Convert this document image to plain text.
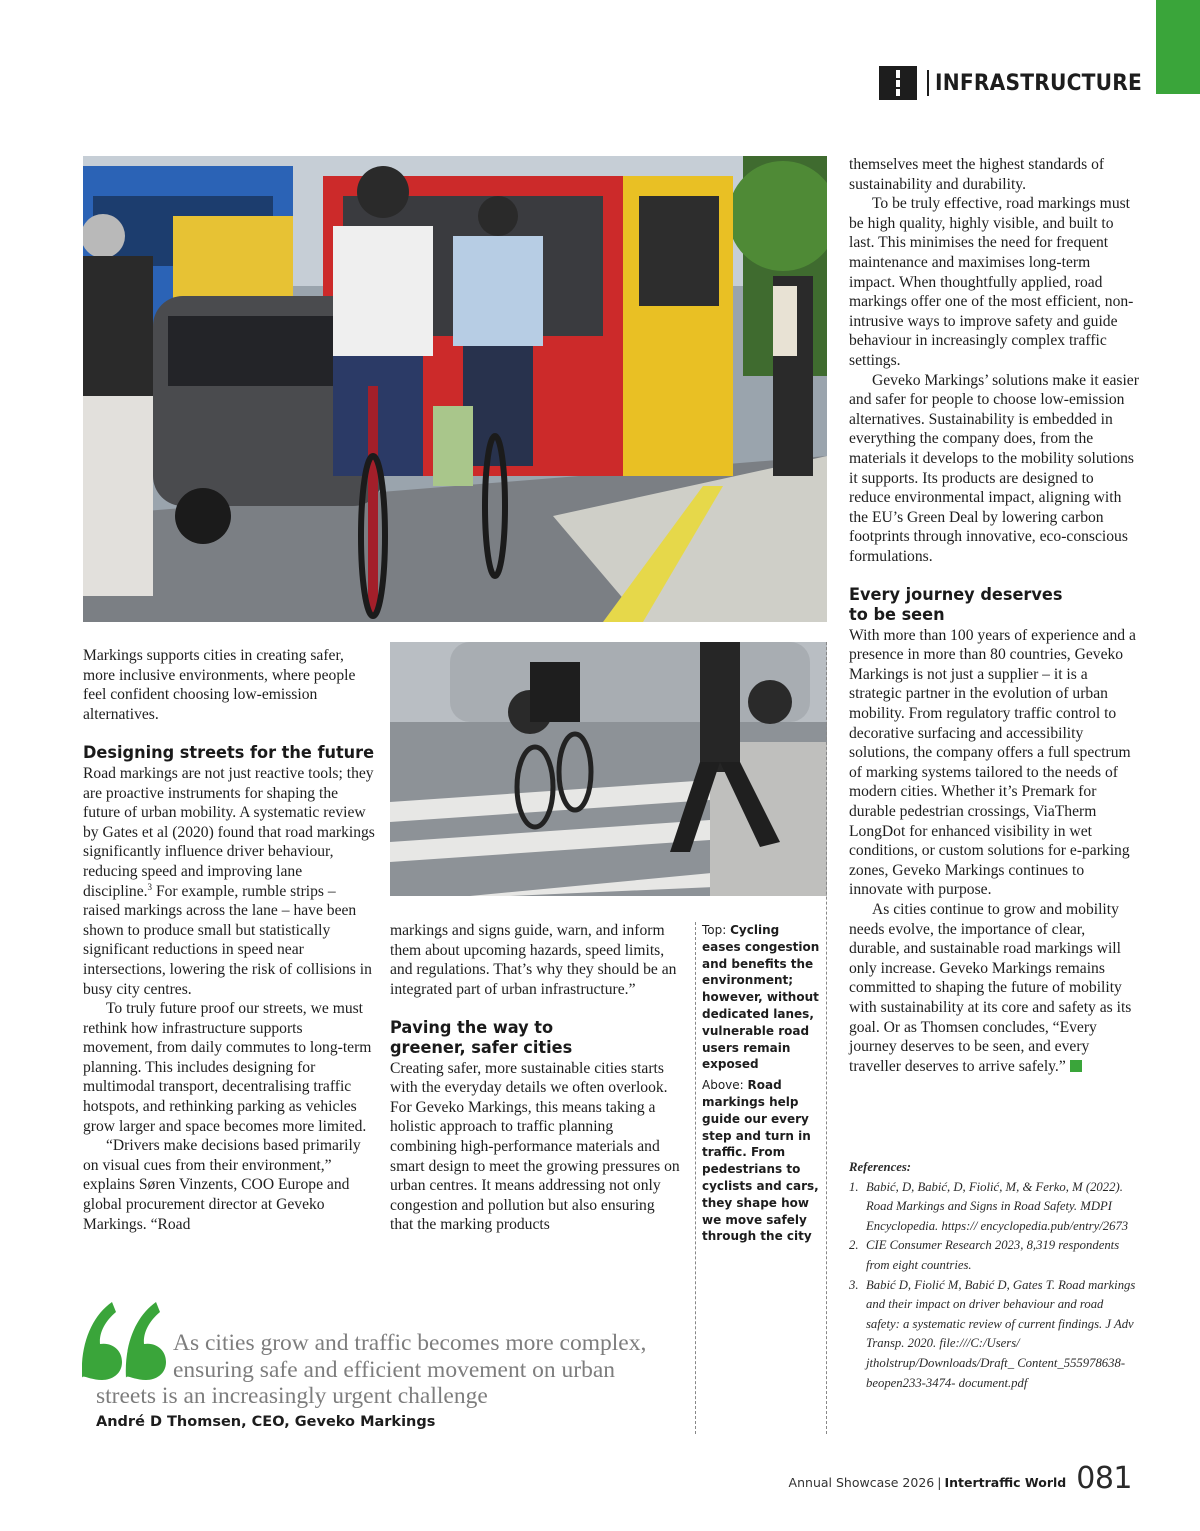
INFRASTRUCTURE

Markings supports cities in creating safer, more inclusive environments, where people feel confident choosing low-emission alternatives.

Designing streets for the future

Road markings are not just reactive tools; they are proactive instruments for shaping the future of urban mobility. A systematic review by Gates et al (2020) found that road markings significantly influence driver behaviour, reducing speed and improving lane discipline.$^3$ For example, rumble strips – raised markings across the lane – have been shown to produce small but statistically significant reductions in speed near intersections, lowering the risk of collisions in busy city centres.

To truly future proof our streets, we must rethink how infrastructure supports movement, from daily commutes to long-term planning. This includes designing for multimodal transport, decentralising traffic hotspots, and rethinking parking as vehicles grow larger and space becomes more limited.

“Drivers make decisions based primarily on visual cues from their environment,” explains Søren Vinzents, COO Europe and global procurement director at Geveko Markings. “Road

markings and signs guide, warn, and inform them about upcoming hazards, speed limits, and regulations. That’s why they should be an integrated part of urban infrastructure.”

Paving the way to
greener, safer cities

Creating safer, more sustainable cities starts with the everyday details we often overlook. For Geveko Markings, this means taking a holistic approach to traffic planning combining high-performance materials and smart design to meet the growing pressures on urban centres. It means addressing not only congestion and pollution but also ensuring that the marking products

Top: Cycling eases congestion and benefits the environment; however, without dedicated lanes, vulnerable road users remain exposed

Above: Road markings help guide our every step and turn in traffic. From pedestrians to cyclists and cars, they shape how we move safely through the city

themselves meet the highest standards of sustainability and durability.

To be truly effective, road markings must be high quality, highly visible, and built to last. This minimises the need for frequent maintenance and maximises long-term impact. When thoughtfully applied, road markings offer one of the most efficient, non-intrusive ways to improve safety and guide behaviour in increasingly complex traffic settings.

Geveko Markings’ solutions make it easier and safer for people to choose low-emission alternatives. Sustainability is embedded in everything the company does, from the materials it develops to the mobility solutions it supports. Its products are designed to reduce environmental impact, aligning with the EU’s Green Deal by lowering carbon footprints through innovative, eco-conscious formulations.

Every journey deserves
to be seen

With more than 100 years of experience and a presence in more than 80 countries, Geveko Markings is not just a supplier – it is a strategic partner in the evolution of urban mobility. From regulatory traffic control to decorative surfacing and accessibility solutions, the company offers a full spectrum of marking systems tailored to the needs of modern cities. Whether it’s Premark for durable pedestrian crossings, ViaTherm LongDot for enhanced visibility in wet conditions, or custom solutions for e-parking zones, Geveko Markings continues to innovate with purpose.

As cities continue to grow and mobility needs evolve, the importance of clear, durable, and sustainable road markings will only increase. Geveko Markings remains committed to shaping the future of mobility with sustainability at its core and safety as its goal. Or as Thomsen concludes, “Every journey deserves to be seen, and every traveller deserves to arrive safely.”

References:
1. Babić, D, Babić, D, Fiolić, M, & Ferko, M (2022). Road Markings and Signs in Road Safety. MDPI Encyclopedia. https:// encyclopedia.pub/entry/2673
2. CIE Consumer Research 2023, 8,319 respondents from eight countries.
3. Babić D, Fiolić M, Babić D, Gates T. Road markings and their impact on driver behaviour and road safety: a systematic review of current findings. J Adv Transp. 2020. file:///C:/Users/ jtholstrup/Downloads/Draft_ Content_555978638-beopen233-3474- document.pdf
As cities grow and traffic becomes more complex,
ensuring safe and efficient movement on urban
streets is an increasingly urgent challenge
André D Thomsen, CEO, Geveko Markings
Annual Showcase 2026 | Intertraffic World 081
